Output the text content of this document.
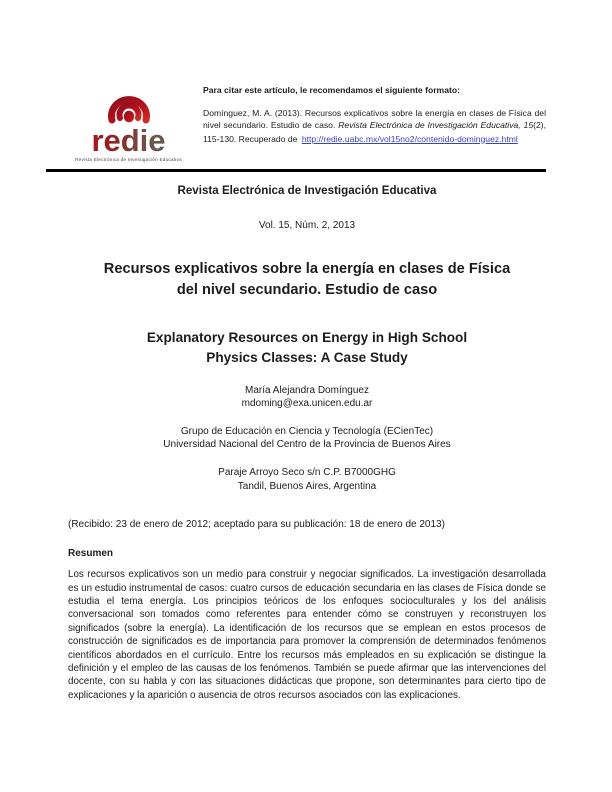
redie
Revista Electrónica de Investigación Educativa
Para citar este artículo, le recomendamos el siguiente formato:
Domínguez, M. A. (2013). Recursos explicativos sobre la energía en clases de Física del nivel secundario. Estudio de caso. Revista Electrónica de Investigación Educativa, 15(2), 115-130. Recuperado de http://redie.uabc.mx/vol15no2/contenido-dominguez.html
Revista Electrónica de Investigación Educativa
Vol. 15, Núm. 2, 2013
Recursos explicativos sobre la energía en clases de Física
del nivel secundario. Estudio de caso
Explanatory Resources on Energy in High School
Physics Classes: A Case Study
María Alejandra Domínguez
mdoming@exa.unicen.edu.ar
Grupo de Educación en Ciencia y Tecnología (ECienTec)
Universidad Nacional del Centro de la Provincia de Buenos Aires
Paraje Arroyo Seco s/n C.P. B7000GHG
Tandil, Buenos Aires, Argentina
(Recibido: 23 de enero de 2012; aceptado para su publicación: 18 de enero de 2013)
Resumen

Los recursos explicativos son un medio para construir y negociar significados. La investigación desarrollada es un estudio instrumental de casos: cuatro cursos de educación secundaria en las clases de Física donde se estudia el tema energía. Los principios teóricos de los enfoques socioculturales y los del análisis conversacional son tomados como referentes para entender cómo se construyen y reconstruyen los significados (sobre la energía). La identificación de los recursos que se emplean en estos procesos de construcción de significados es de importancia para promover la comprensión de determinados fenómenos científicos abordados en el currículo. Entre los recursos más empleados en su explicación se distingue la definición y el empleo de las causas de los fenómenos. También se puede afirmar que las intervenciones del docente, con su habla y con las situaciones didácticas que propone, son determinantes para cierto tipo de explicaciones y la aparición o ausencia de otros recursos asociados con las explicaciones.
